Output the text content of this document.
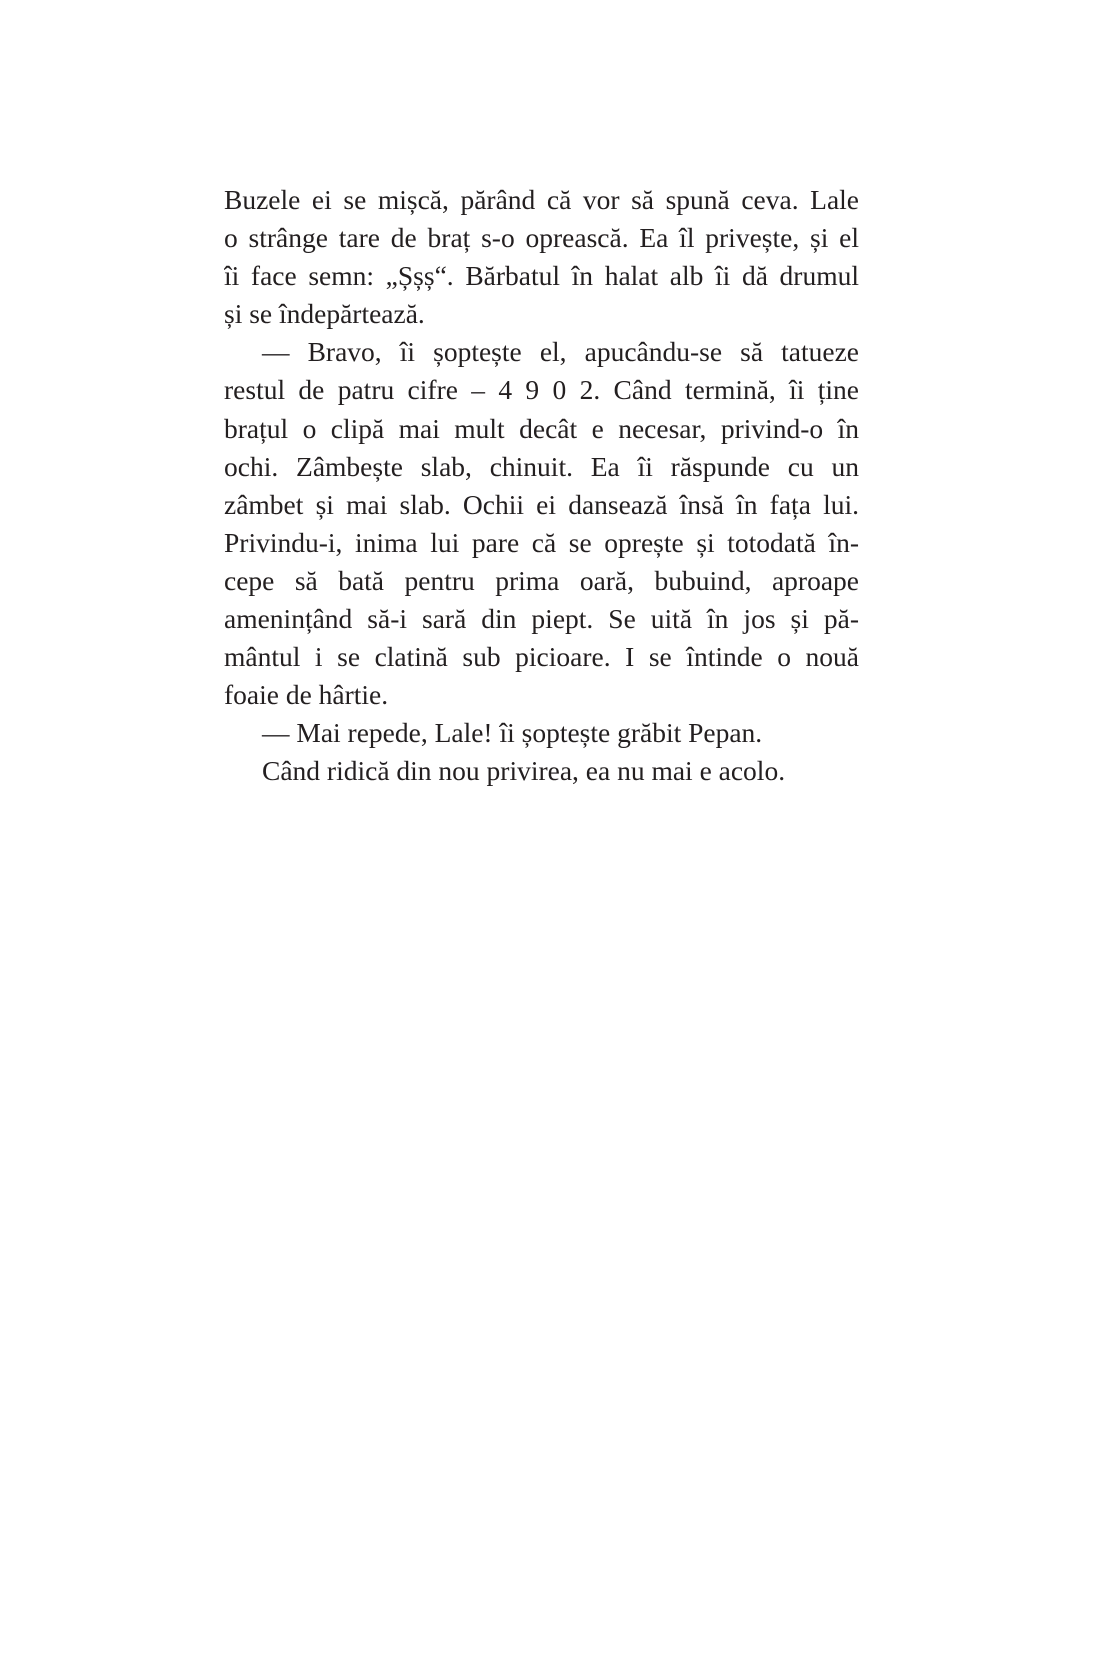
Buzele ei se mișcă, părând că vor să spună ceva. Lale
o strânge tare de braț s-o oprească. Ea îl privește, și el
îi face semn: „Șșș“. Bărbatul în halat alb îi dă drumul
și se îndepărtează.
— Bravo, îi șoptește el, apucându-se să tatueze
restul de patru cifre – 4 9 0 2. Când termină, îi ține
brațul o clipă mai mult decât e necesar, privind-o în
ochi. Zâmbește slab, chinuit. Ea îi răspunde cu un
zâmbet și mai slab. Ochii ei dansează însă în fața lui.
Privindu-i, inima lui pare că se oprește și totodată în-
cepe să bată pentru prima oară, bubuind, aproape
amenințând să-i sară din piept. Se uită în jos și pă-
mântul i se clatină sub picioare. I se întinde o nouă
foaie de hârtie.
— Mai repede, Lale! îi șoptește grăbit Pepan.
Când ridică din nou privirea, ea nu mai e acolo.
